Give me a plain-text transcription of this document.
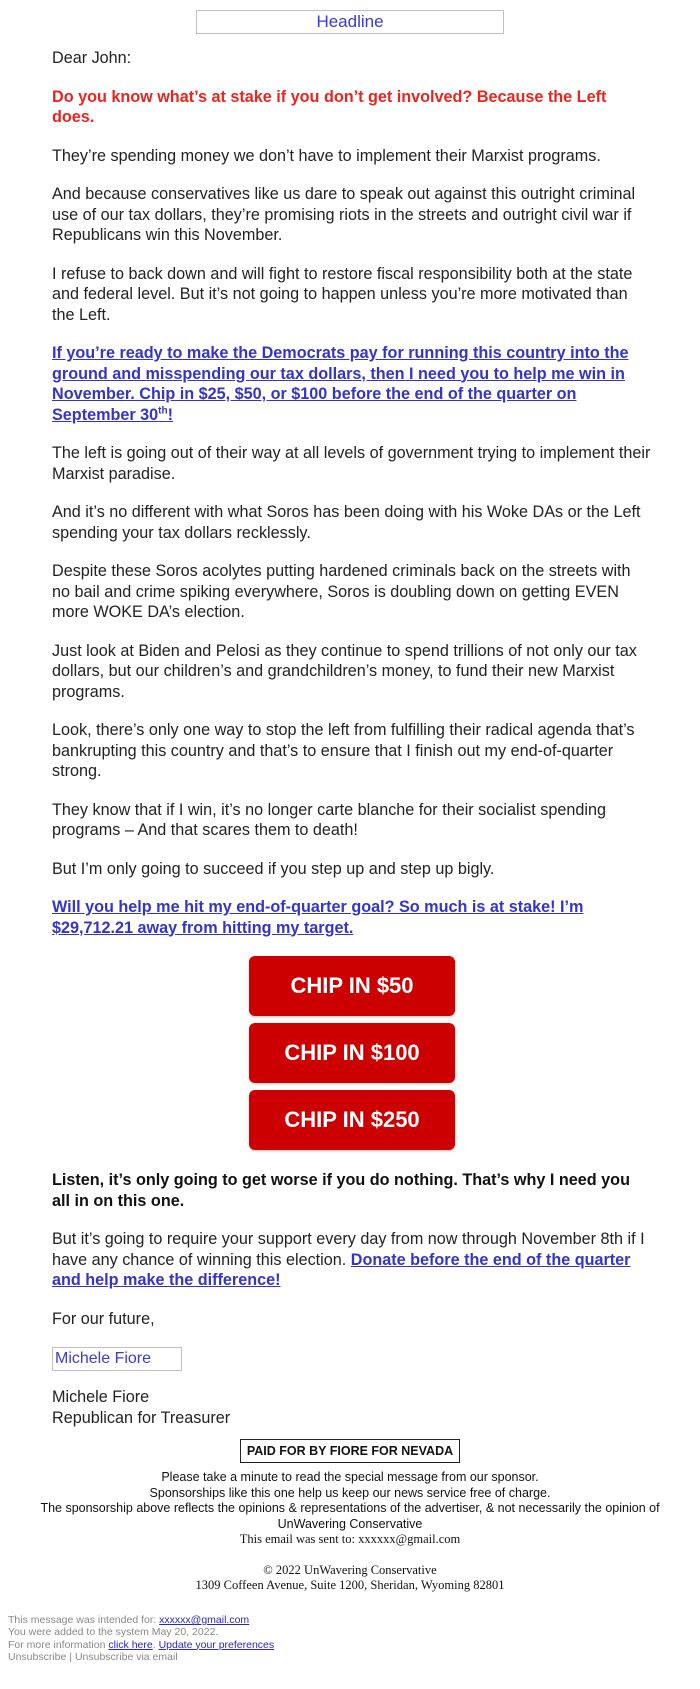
Headline

Dear John:

Do you know what’s at stake if you don’t get involved? Because the Left does.

They’re spending money we don’t have to implement their Marxist programs.

And because conservatives like us dare to speak out against this outright criminal use of our tax dollars, they’re promising riots in the streets and outright civil war if Republicans win this November.

I refuse to back down and will fight to restore fiscal responsibility both at the state and federal level. But it’s not going to happen unless you’re more motivated than the Left.

If you’re ready to make the Democrats pay for running this country into the ground and misspending our tax dollars, then I need you to help me win in November. Chip in $25, $50, or $100 before the end of the quarter on September 30th!

The left is going out of their way at all levels of government trying to implement their Marxist paradise.

And it’s no different with what Soros has been doing with his Woke DAs or the Left spending your tax dollars recklessly.

Despite these Soros acolytes putting hardened criminals back on the streets with no bail and crime spiking everywhere, Soros is doubling down on getting EVEN more WOKE DA’s election.

Just look at Biden and Pelosi as they continue to spend trillions of not only our tax dollars, but our children’s and grandchildren’s money, to fund their new Marxist programs.

Look, there’s only one way to stop the left from fulfilling their radical agenda that’s bankrupting this country and that’s to ensure that I finish out my end-of-quarter strong.

They know that if I win, it’s no longer carte blanche for their socialist spending programs – And that scares them to death!

But I’m only going to succeed if you step up and step up bigly.

Will you help me hit my end-of-quarter goal? So much is at stake! I’m $29,712.21 away from hitting my target.

CHIP IN $50
CHIP IN $100
CHIP IN $250

Listen, it’s only going to get worse if you do nothing. That’s why I need you all in on this one.

But it’s going to require your support every day from now through November 8th if I have any chance of winning this election. Donate before the end of the quarter and help make the difference!

For our future,

Michele Fiore
Michele Fiore
Republican for Treasurer
PAID FOR BY FIORE FOR NEVADA
Please take a minute to read the special message from our sponsor.
Sponsorships like this one help us keep our news service free of charge.
The sponsorship above reflects the opinions & representations of the advertiser, & not necessarily the opinion of UnWavering Conservative
This email was sent to: xxxxxx@gmail.com
© 2022 UnWavering Conservative
1309 Coffeen Avenue, Suite 1200, Sheridan, Wyoming 82801
This message was intended for: xxxxxx@gmail.com
You were added to the system May 20, 2022.
For more information click here. Update your preferences
Unsubscribe | Unsubscribe via email
